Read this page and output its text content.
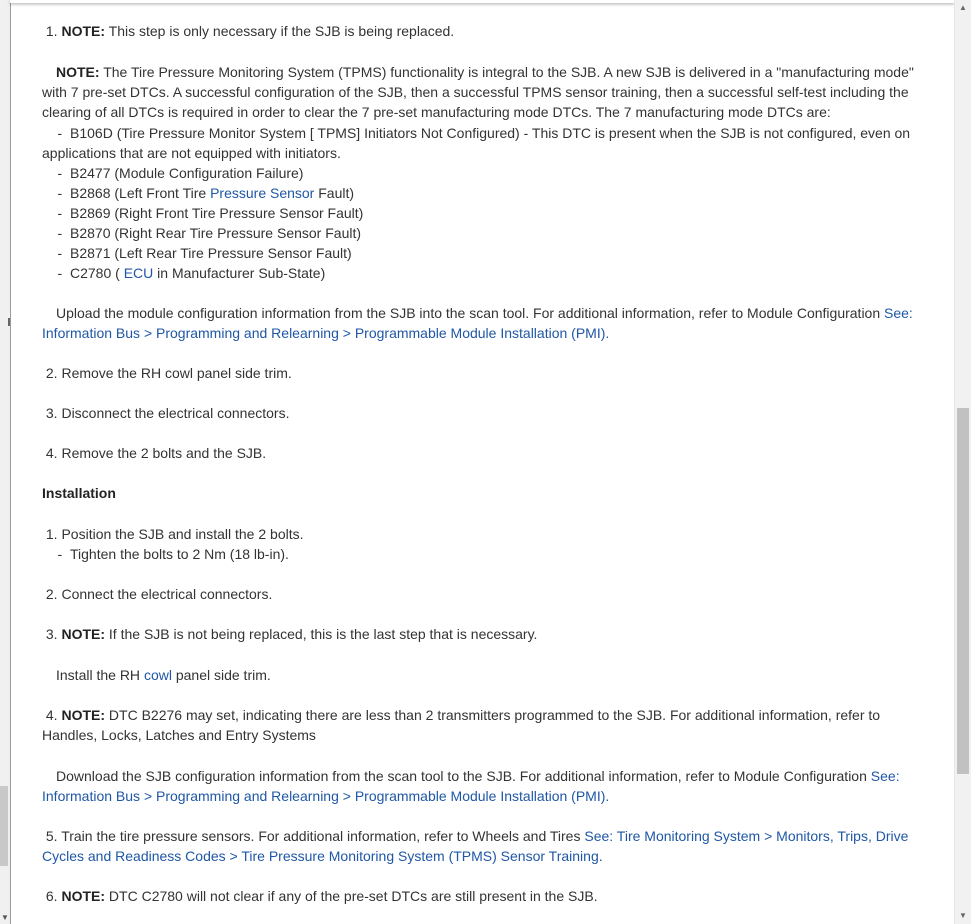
▼

1. NOTE: This step is only necessary if the SJB is being replaced.

NOTE: The Tire Pressure Monitoring System (TPMS) functionality is integral to the SJB. A new SJB is delivered in a "manufacturing mode" with 7 pre-set DTCs. A successful configuration of the SJB, then a successful TPMS sensor training, then a successful self-test including the clearing of all DTCs is required in order to clear the 7 pre-set manufacturing mode DTCs. The 7 manufacturing mode DTCs are:

-  B106D (Tire Pressure Monitor System [ TPMS] Initiators Not Configured) - This DTC is present when the SJB is not configured, even on applications that are not equipped with initiators.

-  B2477 (Module Configuration Failure)

-  B2868 (Left Front Tire Pressure Sensor Fault)

-  B2869 (Right Front Tire Pressure Sensor Fault)

-  B2870 (Right Rear Tire Pressure Sensor Fault)

-  B2871 (Left Rear Tire Pressure Sensor Fault)

-  C2780 ( ECU in Manufacturer Sub-State)

Upload the module configuration information from the SJB into the scan tool. For additional information, refer to Module Configuration See: Information Bus > Programming and Relearning > Programmable Module Installation (PMI).

2. Remove the RH cowl panel side trim.

3. Disconnect the electrical connectors.

4. Remove the 2 bolts and the SJB.

Installation

1. Position the SJB and install the 2 bolts.

-  Tighten the bolts to 2 Nm (18 lb-in).

2. Connect the electrical connectors.

3. NOTE: If the SJB is not being replaced, this is the last step that is necessary.

Install the RH cowl panel side trim.

4. NOTE: DTC B2276 may set, indicating there are less than 2 transmitters programmed to the SJB. For additional information, refer to Handles, Locks, Latches and Entry Systems

Download the SJB configuration information from the scan tool to the SJB. For additional information, refer to Module Configuration See: Information Bus > Programming and Relearning > Programmable Module Installation (PMI).

5. Train the tire pressure sensors. For additional information, refer to Wheels and Tires See: Tire Monitoring System > Monitors, Trips, Drive Cycles and Readiness Codes > Tire Pressure Monitoring System (TPMS) Sensor Training.

6. NOTE: DTC C2780 will not clear if any of the pre-set DTCs are still present in the SJB.

▲
▼
